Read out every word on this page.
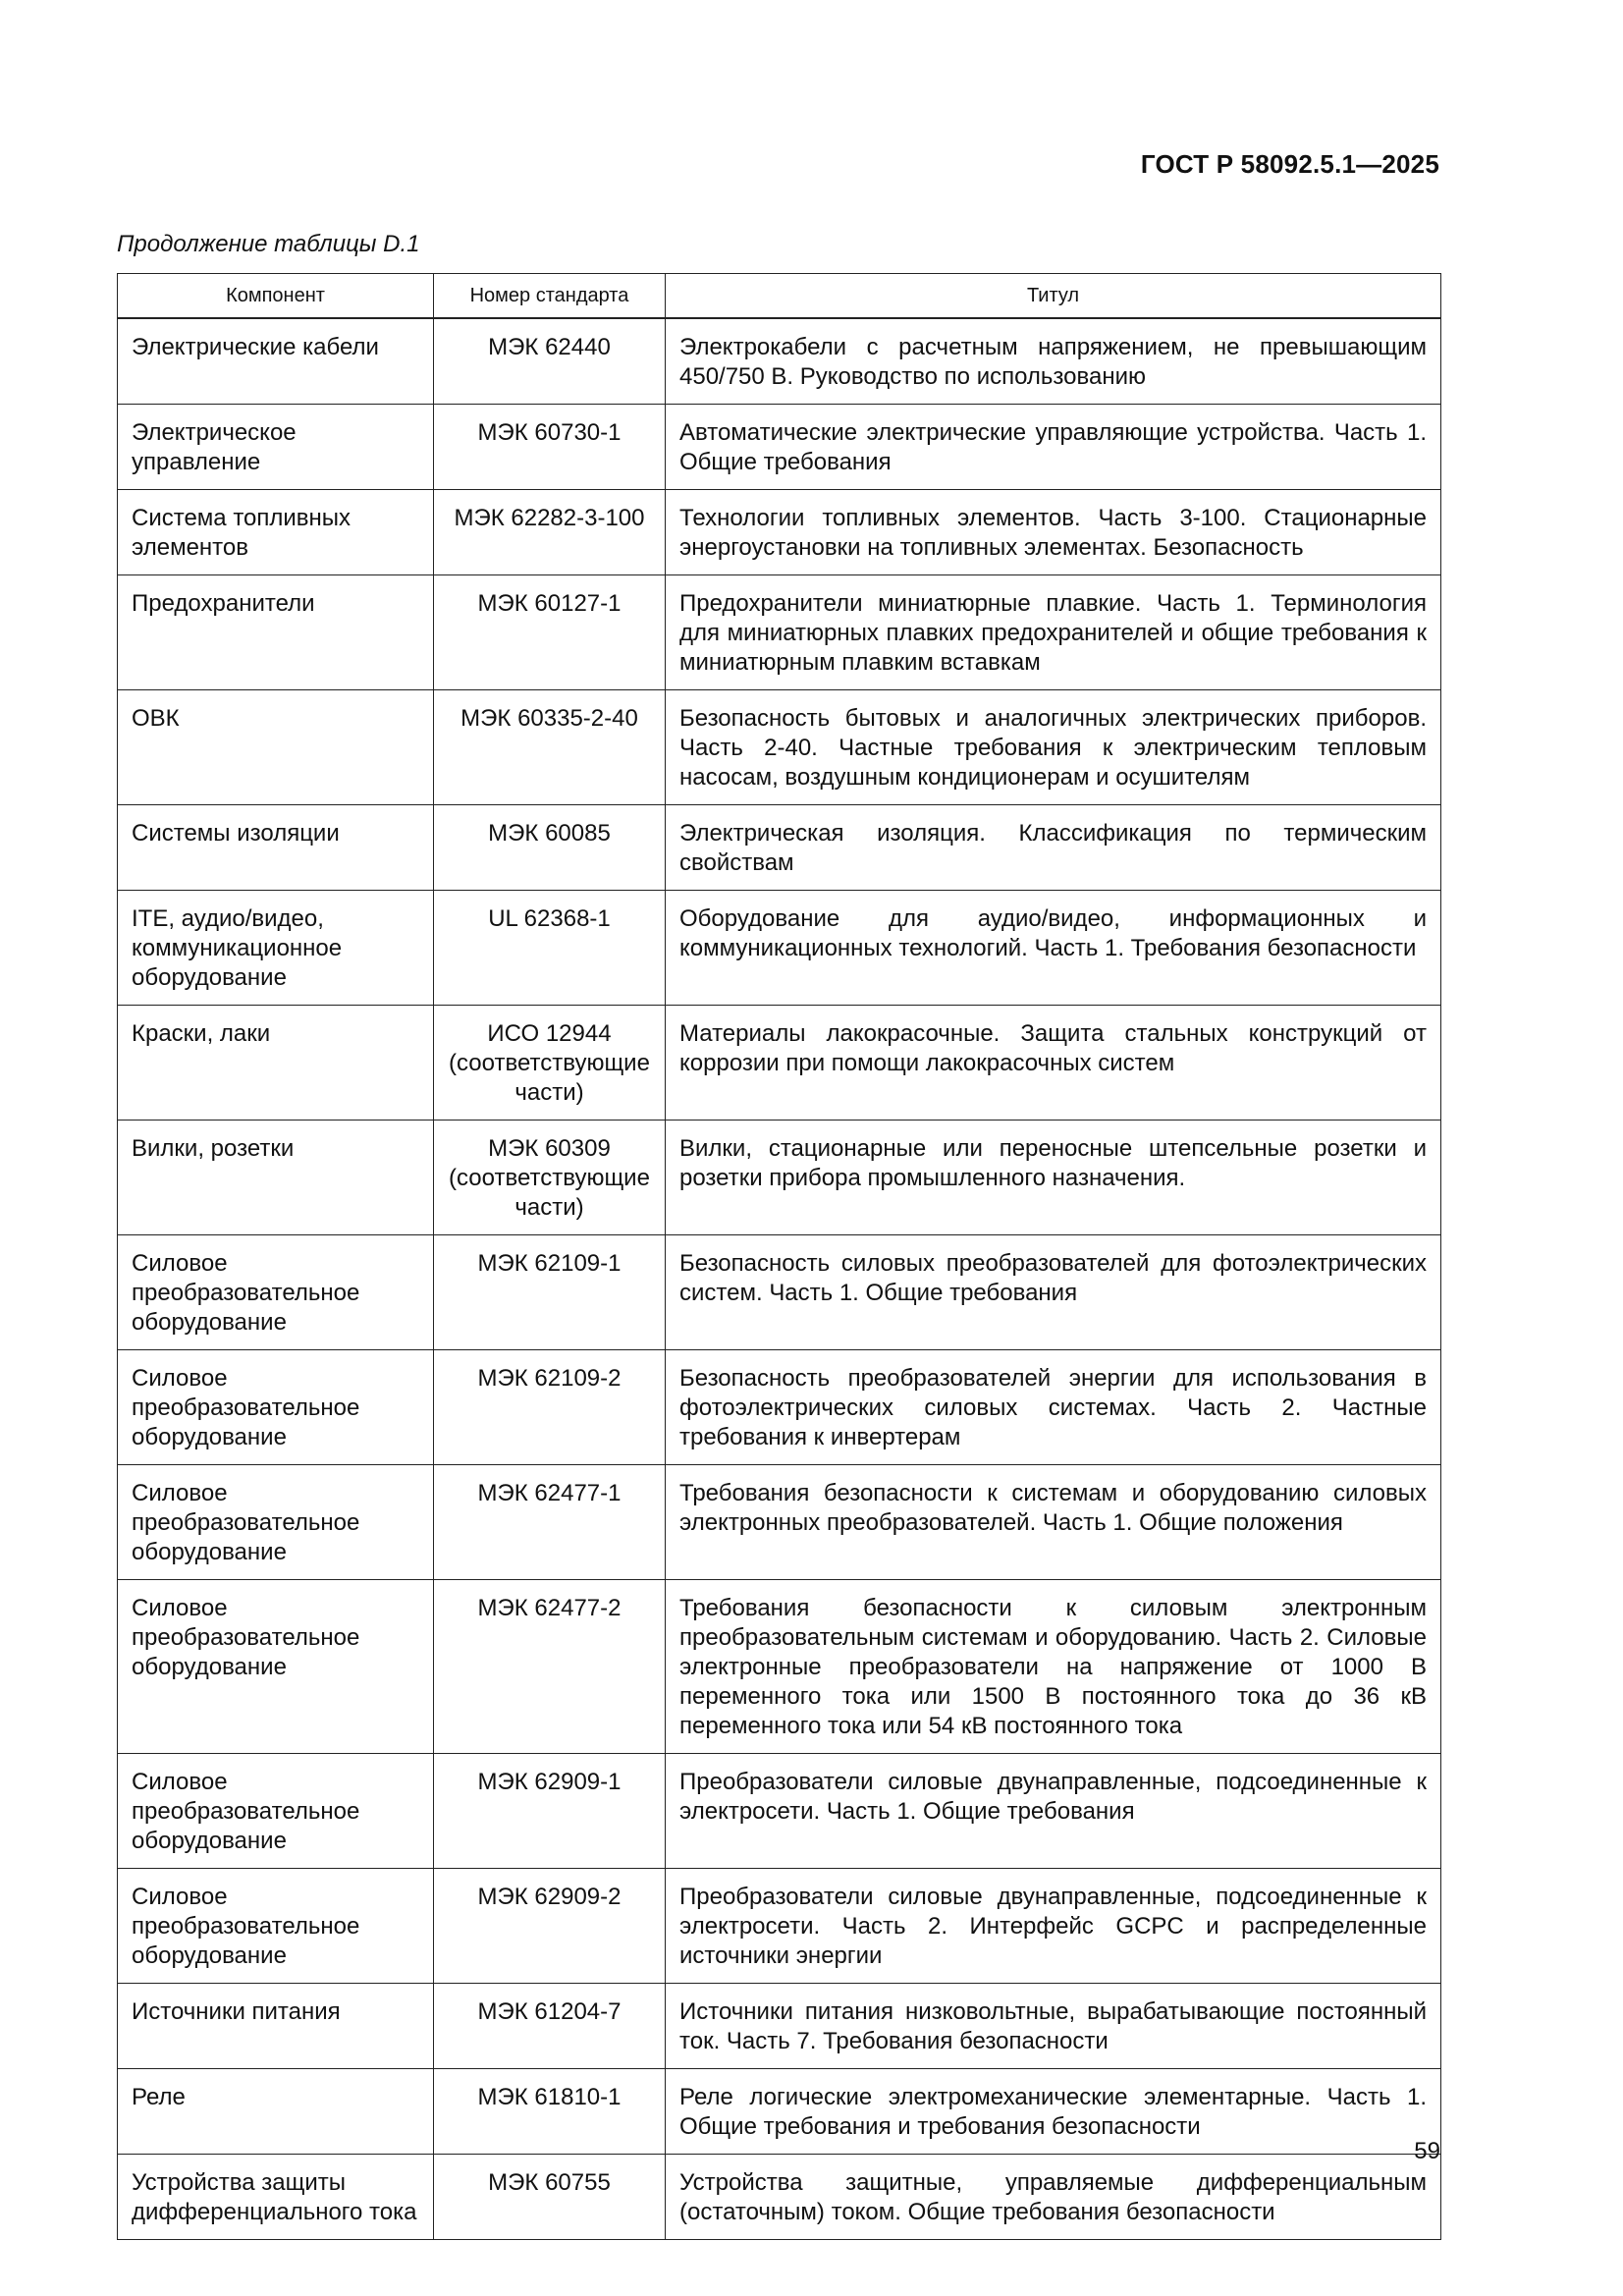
ГОСТ Р 58092.5.1—2025
Продолжение таблицы D.1
Компонент	Номер стандарта	Титул
Электрические кабели	МЭК 62440	Электрокабели с расчетным напряжением, не превышающим 450/750 В. Руководство по использованию
Электрическое управление	МЭК 60730-1	Автоматические электрические управляющие устройства. Часть 1. Общие требования
Система топливных элементов	МЭК 62282-3-100	Технологии топливных элементов. Часть 3-100. Стационарные энергоустановки на топливных элементах. Безопасность
Предохранители	МЭК 60127-1	Предохранители миниатюрные плавкие. Часть 1. Терминология для миниатюрных плавких предохранителей и общие требования к миниатюрным плавким вставкам
ОВК	МЭК 60335-2-40	Безопасность бытовых и аналогичных электрических приборов. Часть 2-40. Частные требования к электрическим тепловым насосам, воздушным кондиционерам и осушителям
Системы изоляции	МЭК 60085	Электрическая изоляция. Классификация по термическим свойствам
ITE, аудио/видео, коммуникационное оборудование	UL 62368-1	Оборудование для аудио/видео, информационных и коммуникационных технологий. Часть 1. Требования безопасности
Краски, лаки	ИСО 12944 (соответствующие части)	Материалы лакокрасочные. Защита стальных конструкций от коррозии при помощи лакокрасочных систем
Вилки, розетки	МЭК 60309 (соответствующие части)	Вилки, стационарные или переносные штепсельные розетки и розетки прибора промышленного назначения.
Силовое преобразовательное оборудование	МЭК 62109-1	Безопасность силовых преобразователей для фотоэлектрических систем. Часть 1. Общие требования
Силовое преобразовательное оборудование	МЭК 62109-2	Безопасность преобразователей энергии для использования в фотоэлектрических силовых системах. Часть 2. Частные требования к инвертерам
Силовое преобразовательное оборудование	МЭК 62477-1	Требования безопасности к системам и оборудованию силовых электронных преобразователей. Часть 1. Общие положения
Силовое преобразовательное оборудование	МЭК 62477-2	Требования безопасности к силовым электронным преобразовательным системам и оборудованию. Часть 2. Силовые электронные преобразователи на напряжение от 1000 В переменного тока или 1500 В постоянного тока до 36 кВ переменного тока или 54 кВ постоянного тока
Силовое преобразовательное оборудование	МЭК 62909-1	Преобразователи силовые двунаправленные, подсоединенные к электросети. Часть 1. Общие требования
Силовое преобразовательное оборудование	МЭК 62909-2	Преобразователи силовые двунаправленные, подсоединенные к электросети. Часть 2. Интерфейс GCPC и распределенные источники энергии
Источники питания	МЭК 61204-7	Источники питания низковольтные, вырабатывающие постоянный ток. Часть 7. Требования безопасности
Реле	МЭК 61810-1	Реле логические электромеханические элементарные. Часть 1. Общие требования и требования безопасности
Устройства защиты дифференциального тока	МЭК 60755	Устройства защитные, управляемые дифференциальным (остаточным) током. Общие требования безопасности
59
